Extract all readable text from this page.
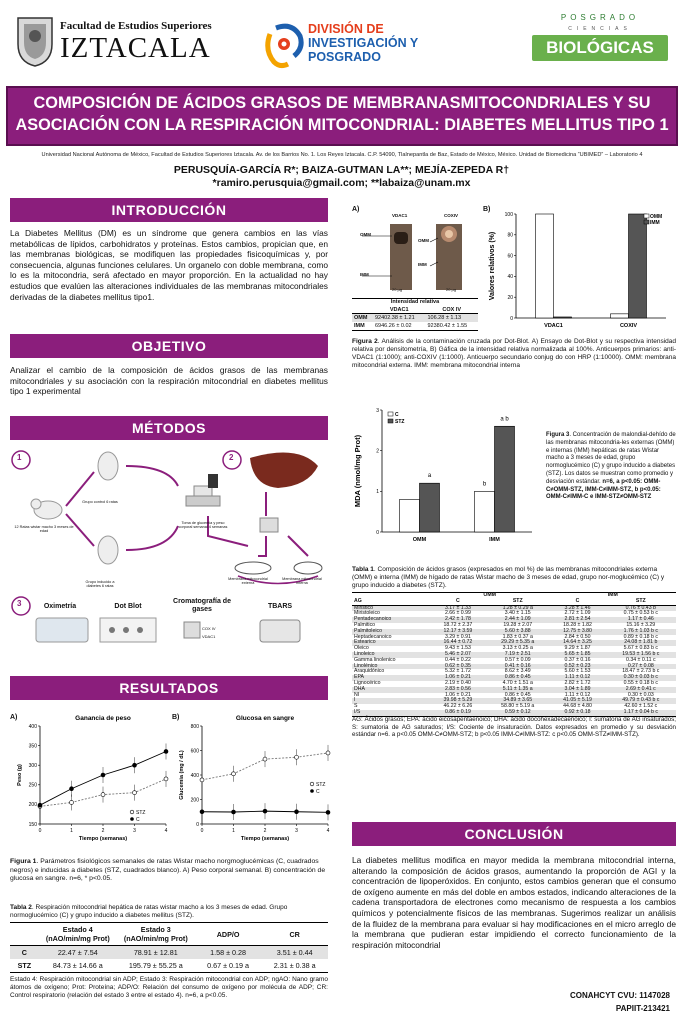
Facultad de Estudios Superiores
IZTACALA
DIVISIÓN DE
INVESTIGACIÓN Y
POSGRADO
POSGRADO
CIENCIAS
BIOLÓGICAS
COMPOSICIÓN DE ÁCIDOS GRASOS DE MEMBRANASMITOCONDRIALES Y SU
ASOCIACIÓN CON LA RESPIRACIÓN MITOCONDRIAL: DIABETES MELLITUS TIPO 1
Universidad Nacional Autónoma de México, Facultad de Estudios Superiores Iztacala. Av. de los Barrios No. 1. Los Reyes Iztacala. C.P. 54090, Tlalnepantla de Baz, Estado de México, México. Unidad de Biomedicina “UBIMED” – Laboratorio 4
PERUSQUÍA-GARCÍA R*; BAIZA-GUTMAN LA**; MEJÍA-ZEPEDA R†
*ramiro.perusquia@gmail.com; **labaiza@unam.mx
INTRODUCCIÓN
La Diabetes Mellitus (DM) es un síndrome que genera cambios en las vías metabólicas de lípidos, carbohidratos y proteínas. Estos cambios, propician que, en las membranas biológicas, se modifiquen las propiedades fisicoquímicas y, por consecuencia, algunas funciones celulares. Un organelo con doble membrana, como lo es la mitocondria, será afectado en mayor proporción. En la actualidad no hay estudios que evalúen las alteraciones individuales de las membranas mitocondriales derivadas de la diabetes mellitus tipo1.
OBJETIVO
Analizar el cambio de la composición de ácidos grasos de las membranas mitocondriales y su asociación con la respiración mitocondrial en diabetes mellitus tipo 1 experimental
MÉTODOS
1	2
3
12 Ratas wistar macho 3 meses de edad
Grupo control 6 ratas
Grupo inducido a diabetes 6 ratas
Toma de glucemia y peso corporal semanal 4 semanas
Membrana mitocondrial externa
Membrana mitocondrial interna
Oximetría	Dot Blot
Cromatografía de gases	TBARS
COX IV
VDAC1
RESULTADOS
A)	B)
Ganancia de peso
150
200
250
300
350
400
0	1	2	3	4
Tiempo (semanas)
Peso (g)
STZ
C
Glucosa en sangre
0
200
400
600
800
0	1	2	3	4
Tiempo (semanas)
Glucemia (mg / dL)	STZ
C
Figura 1. Parámetros fisiológicos semanales de ratas Wistar macho norgmoglucémicas (C, cuadrados negros) e inducidas a diabetes (STZ, cuadrados blanco). A) Peso corporal semanal. B) concentración de glucosa en sangre. n=6, * p<0.05.
Tabla 2. Respiración mitocondrial hepática de ratas wistar macho a los 3 meses de edad. Grupo normoglucémico (C) y grupo inducido a diabetes mellitus (STZ).
	Estado 4 (nAO/min/mg Prot)	Estado 3 (nAO/min/mg Prot)	ADP/O	CR
C	22.47 ± 7.54	78.91 ± 12.81	1.58 ± 0.28	3.51 ± 0.44
STZ	84.73 ± 14.66 a	195.79 ± 55.25 a	0.67 ± 0.19 a	2.31 ± 0.38 a
Estado 4: Respiración mitocondrial sin ADP; Estado 3: Respiración mitocondrial con ADP; ngAO: Nano gramo átomos de oxígeno; Prot: Proteína; ADP/O: Relación del consumo de oxígeno por molécula de ADP; CR: Control respiratorio (relación del estado 3 entre el estado 4). n=6, a p<0.05.
A)
VDAC1	COXIV
OMM
IMM
OMM
IMM
20 µg	20 µg
Intensidad relativa
	VDAC1	COX IV
OMM	92402.38 ± 1.21	106.28 ± 1.13
IMM	6946.26 ± 0.02	92380.42 ± 1.55
B)
0
20
40
60
80
100
Valores relativos (%)
VDAC1	COXIV
OMM
IMM
Figura 2. Análisis de la contaminación cruzada por Dot-Blot. A) Ensayo de Dot-Blot y su respectiva intensidad relativa por densitometría, B) Gáfica de la intensidad relativa normalizada al 100%. Anticuerpos primarios: anti-VDAC1 (1:1000); anti-COXIV (1:1000). Anticuerpo secundario conjug do con HRP (1:10000). OMM: membrana mitocondrial externa. IMM: membrana mitocondrial interna
0
1
2
3
MDA (nmol/mg Prot)
OMM	IMM
C
STZ
a
b
a b
Figura 3. Concentración de malondial-dehído de las membranas mitocondria-les externas (OMM) e internas (IMM) hepáticas de ratas Wistar macho a 3 meses de edad, grupo normoglucémico (C) y grupo inducido a diabetes (STZ). Los datos se muestran como promedio y desviación estándar. n=6, a p<0.05: OMM-C≠OMM-STZ, IMM-C≠IMM-STZ, b p<0.05: OMM-C≠IMM-C e IMM-STZ≠OMM-STZ
Tabla 1. Composición de ácidos grasos (expresados en mol %) de las membranas mitocondriales externa (OMM) e interna (IMM) de hígado de ratas Wistar macho de 3 meses de edad, grupo nor-moglucémico (C) y grupo inducido a diabetes (STZ).
	OMM		IMM	
AG	C	STZ	C	STZ
Miristico	3.17 ± 1.33	1.28 ± 0.29 a	3.28 ± 1.46	0.76 ± 0.43 b
Miristoleico	2.66 ± 0.99	3.40 ± 1.15	2.72 ± 1.09	0.75 ± 0.53 b c
Pentadecanoico	2.42 ± 1.78	2.44 ± 1.09	2.81 ± 2.54	1.17 ± 0.46
Palmitico	18.72 ± 2.37	19.28 ± 2.07	18.28 ± 1.82	15.16 ± 3.29
Palmitoleico	12.17 ± 3.59	5.60 ± 3.88	12.75 ± 3.80	1.76 ± 1.03 b c
Heptadecanoico	3.29 ± 0.91	1.83 ± 0.37 a	2.84 ± 0.50	0.89 ± 0.18 b c
Estearico	16.44 ± 0.72	29.29 ± 5.35 a	14.64 ± 3.25	24.08 ± 1.81 b
Oleico	9.43 ± 1.53	3.13 ± 0.25 a	9.29 ± 1.87	5.67 ± 0.83 b c
Linoleico	5.46 ± 2.07	7.19 ± 2.51	5.65 ± 1.85	19.53 ± 1.56 b c
Gamma linolenico	0.44 ± 0.22	0.57 ± 0.09	0.37 ± 0.16	0.34 ± 0.11 c
Linolénico	0.62 ± 0.35	0.41 ± 0.16	0.52 ± 0.23	0.27 ± 0.08
Araquidónico	5.32 ± 1.72	8.62 ± 3.49	5.60 ± 1.53	18.47 ± 2.73 b c
EPA	1.06 ± 0.21	0.86 ± 0.45	1.11 ± 0.12	0.30 ± 0.03 b c
Lignocérico	2.19 ± 0.40	4.70 ± 1.51 a	2.82 ± 1.72	0.55 ± 0.18 b c
DHA	2.83 ± 0.56	5.11 ± 1.35 a	3.04 ± 1.89	2.69 ± 0.41 c
NI	1.06 ± 0.21	0.86 ± 0.45	1.11 ± 0.12	0.30 ± 0.03
I	39.98 ± 5.29	34.89 ± 3.65	41.05 ± 5.19	49.79 ± 0.43 b c
S	46.22 ± 6.26	58.80 ± 5.19 a	44.68 ± 4.80	42.60 ± 1.52 c
I/S	0.86 ± 0.19	0.59 ± 0.12	0.92 ± 0.18	1.17 ± 0.04 b c
AG: Ácidos grasos; EPA: ácido eicosapentaenoico; DHA: ácido docohexadecaenoico; I: sumatoria de AG insaturados; S: sumatoria de AG saturados; I/S: Cociente de insaturación. Datos expresados en promedio y su desviación estándar n=6. a p<0.05 OMM-C≠OMM-STZ; b p<0.05 IMM-C≠IMM-STZ: c p<0.05 OMM-STZ≠IMM-STZ).
CONCLUSIÓN
La diabetes mellitus modifica en mayor medida la membrana mitocondrial interna, alterando la composición de ácidos grasos, aumentando la proporción de AGI y la concentración de lipoperóxidos. En conjunto, estos cambios generan que el consumo de oxígeno aumente en más del doble en ambos estados, indicando alteraciones de la cadena transportadora de electrones como mecanismo de respuesta a los cambios químicos y potencialmente físicos de las membranas. Sugerimos realizar un análisis de la fluidez de la membrana para evaluar si hay modificaciones en el micro arreglo de la membrana que pudieran estar impidiendo el correcto funcionamiento de la respiración mitocondrial
CONAHCYT CVU: 1147028
PAPIIT-213421
